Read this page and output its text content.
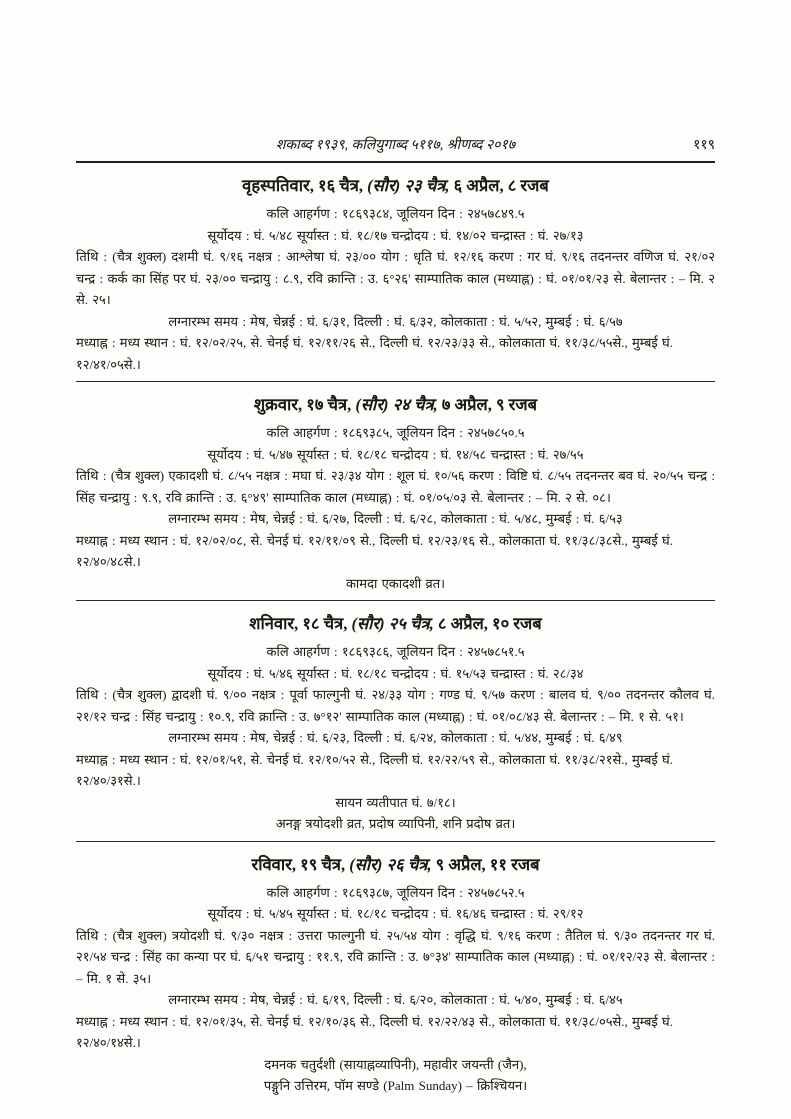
शकाब्द १९३९, कलियुगाब्द ५११७, श्रीणब्द २०१७	११९
वृहस्पतिवार, १६ चैत्र, (सौर) २३ चैत्र, ६ अप्रैल, ८ रजब

कलि आहर्गण : १८६९३८४, जूलियन दिन : २४५७८४९.५

सूर्योदय : घं. ५/४८ सूर्यास्त : घं. १८/१७ चन्द्रोदय : घं. १४/०२ चन्द्रास्त : घं. २७/१३

तिथि : (चैत्र शुक्ल) दशमी घं. ९/१६ नक्षत्र : आश्लेषा घं. २३/०० योग : धृति घं. १२/१६ करण : गर घं. ९/१६ तदनन्तर वणिज घं. २१/०२ चन्द्र : कर्क का सिंह पर घं. २३/०० चन्द्रायु : ८.९, रवि क्रान्ति : उ. ६°२६' साम्पातिक काल (मध्याह्न) : घं. ०१/०१/२३ से. बेलान्तर : – मि. २ से. २५।

लग्नारम्भ समय : मेष, चेन्नई : घं. ६/३१, दिल्ली : घं. ६/३२, कोलकाता : घं. ५/५२, मुम्बई : घं. ६/५७

मध्याह्न : मध्य स्थान : घं. १२/०२/२५, से. चेनई घं. १२/११/२६ से., दिल्ली घं. १२/२३/३३ से., कोलकाता घं. ११/३८/५५से., मुम्बई घं. १२/४१/०५से.।

शुक्रवार, १७ चैत्र, (सौर) २४ चैत्र, ७ अप्रैल, ९ रजब

कलि आहर्गण : १८६९३८५, जूलियन दिन : २४५७८५०.५

सूर्योदय : घं. ५/४७ सूर्यास्त : घं. १८/१८ चन्द्रोदय : घं. १४/५८ चन्द्रास्त : घं. २७/५५

तिथि : (चैत्र शुक्ल) एकादशी घं. ८/५५ नक्षत्र : मघा घं. २३/३४ योग : शूल घं. १०/५६ करण : विष्टि घं. ८/५५ तदनन्तर बव घं. २०/५५ चन्द्र : सिंह चन्द्रायु : ९.९, रवि क्रान्ति : उ. ६°४९' साम्पातिक काल (मध्याह्न) : घं. ०१/०५/०३ से. बेलान्तर : – मि. २ से. ०८।

लग्नारम्भ समय : मेष, चेन्नई : घं. ६/२७, दिल्ली : घं. ६/२८, कोलकाता : घं. ५/४८, मुम्बई : घं. ६/५३

मध्याह्न : मध्य स्थान : घं. १२/०२/०८, से. चेनई घं. १२/११/०९ से., दिल्ली घं. १२/२३/१६ से., कोलकाता घं. ११/३८/३८से., मुम्बई घं. १२/४०/४८से.।

कामदा एकादशी व्रत।

शनिवार, १८ चैत्र, (सौर) २५ चैत्र, ८ अप्रैल, १० रजब

कलि आहर्गण : १८६९३८६, जूलियन दिन : २४५७८५१.५

सूर्योदय : घं. ५/४६ सूर्यास्त : घं. १८/१८ चन्द्रोदय : घं. १५/५३ चन्द्रास्त : घं. २८/३४

तिथि : (चैत्र शुक्ल) द्वादशी घं. ९/०० नक्षत्र : पूर्वा फाल्गुनी घं. २४/३३ योग : गण्ड घं. ९/५७ करण : बालव घं. ९/०० तदनन्तर कौलव घं. २१/१२ चन्द्र : सिंह चन्द्रायु : १०.९, रवि क्रान्ति : उ. ७°१२' साम्पातिक काल (मध्याह्न) : घं. ०१/०८/४३ से. बेलान्तर : – मि. १ से. ५१।

लग्नारम्भ समय : मेष, चेन्नई : घं. ६/२३, दिल्ली : घं. ६/२४, कोलकाता : घं. ५/४४, मुम्बई : घं. ६/४९

मध्याह्न : मध्य स्थान : घं. १२/०१/५१, से. चेनई घं. १२/१०/५२ से., दिल्ली घं. १२/२२/५९ से., कोलकाता घं. ११/३८/२१से., मुम्बई घं. १२/४०/३१से.।

सायन व्यतीपात घं. ७/१८।

अनङ्ग त्रयोदशी व्रत, प्रदोष व्यापिनी, शनि प्रदोष व्रत।

रविवार, १९ चैत्र, (सौर) २६ चैत्र, ९ अप्रैल, ११ रजब

कलि आहर्गण : १८६९३८७, जूलियन दिन : २४५७८५२.५

सूर्योदय : घं. ५/४५ सूर्यास्त : घं. १८/१८ चन्द्रोदय : घं. १६/४६ चन्द्रास्त : घं. २९/१२

तिथि : (चैत्र शुक्ल) त्रयोदशी घं. ९/३० नक्षत्र : उत्तरा फाल्गुनी घं. २५/५४ योग : वृद्धि घं. ९/१६ करण : तैतिल घं. ९/३० तदनन्तर गर घं. २१/५४ चन्द्र : सिंह का कन्या पर घं. ६/५१ चन्द्रायु : ११.९, रवि क्रान्ति : उ. ७°३४' साम्पातिक काल (मध्याह्न) : घं. ०१/१२/२३ से. बेलान्तर : – मि. १ से. ३५।

लग्नारम्भ समय : मेष, चेन्नई : घं. ६/१९, दिल्ली : घं. ६/२०, कोलकाता : घं. ५/४०, मुम्बई : घं. ६/४५

मध्याह्न : मध्य स्थान : घं. १२/०१/३५, से. चेनई घं. १२/१०/३६ से., दिल्ली घं. १२/२२/४३ से., कोलकाता घं. ११/३८/०५से., मुम्बई घं. १२/४०/१४से.।

दमनक चतुर्दशी (सायाह्नव्यापिनी), महावीर जयन्ती (जैन),

पङ्गुनि उत्तिरम, पॉम सण्डे (Palm Sunday) – क्रिश्चियन।
